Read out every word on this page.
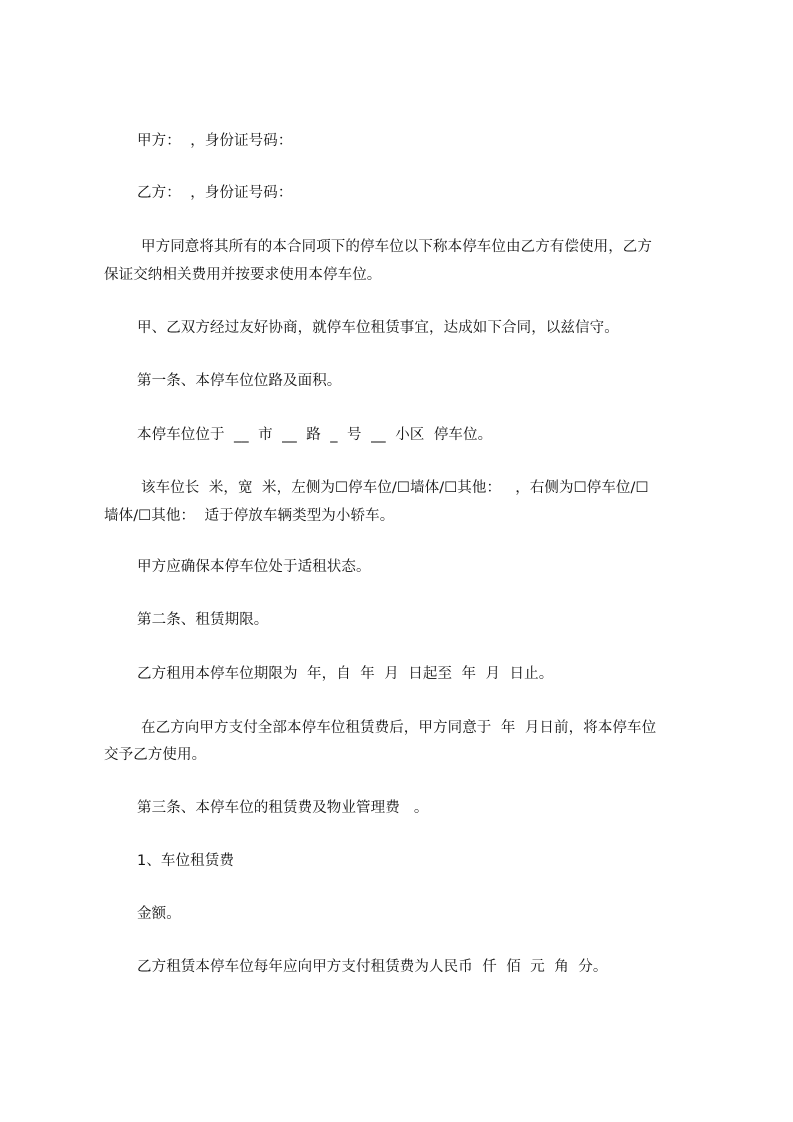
甲方：  ，身份证号码：

乙方：  ，身份证号码：

甲方同意将其所有的本合同项下的停车位以下称本停车位由乙方有偿使用，乙方

保证交纳相关费用并按要求使用本停车位。

甲、乙双方经过友好协商，就停车位租赁事宜，达成如下合同，以兹信守。

第一条、本停车位位路及面积。

本停车位位于  __  市  __  路  _  号  __  小区  停车位。

该车位长  米，宽  米，左侧为☐停车位/☐墙体/☐其他：   ，右侧为☐停车位/☐

墙体/☐其他：  适于停放车辆类型为小轿车。

甲方应确保本停车位处于适租状态。

第二条、租赁期限。

乙方租用本停车位期限为  年，自  年  月  日起至  年  月  日止。

在乙方向甲方支付全部本停车位租赁费后，甲方同意于  年  月日前，将本停车位

交予乙方使用。

第三条、本停车位的租赁费及物业管理费   。

1、车位租赁费

金额。

乙方租赁本停车位每年应向甲方支付租赁费为人民币  仟  佰  元  角  分。
